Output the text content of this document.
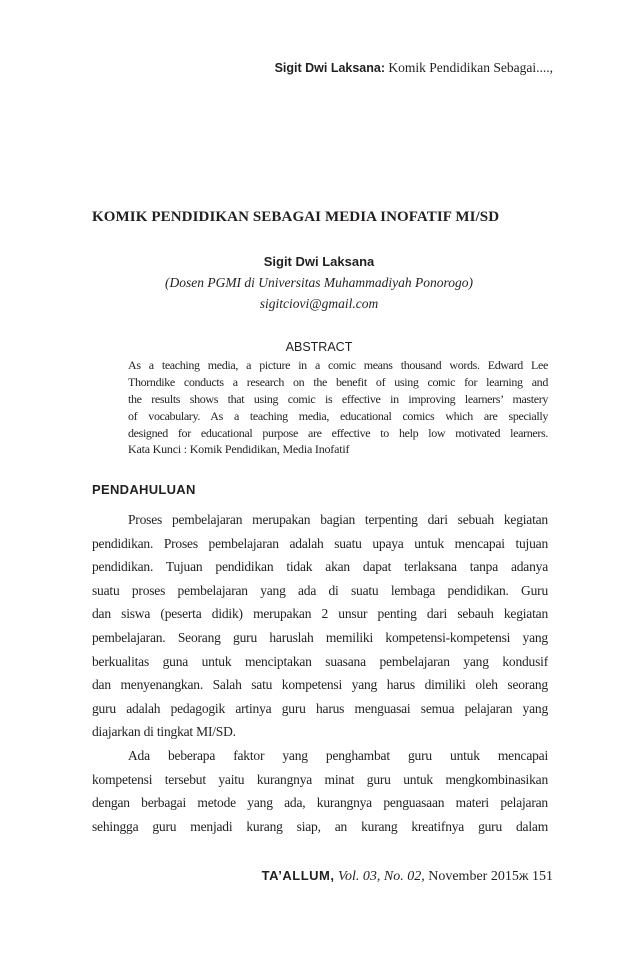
Sigit Dwi Laksana: Komik Pendidikan Sebagai....,
KOMIK PENDIDIKAN SEBAGAI MEDIA INOFATIF MI/SD
Sigit Dwi Laksana
(Dosen PGMI di Universitas Muhammadiyah Ponorogo)
sigitciovi@gmail.com
ABSTRACT
As a teaching media, a picture in a comic means thousand words. Edward Lee
Thorndike conducts a research on the benefit of using comic for learning and
the results shows that using comic is effective in improving learners’ mastery
of vocabulary. As a teaching media, educational comics which are specially
designed for educational purpose are effective to help low motivated learners.
Kata Kunci : Komik Pendidikan, Media Inofatif
PENDAHULUAN
Proses pembelajaran merupakan bagian terpenting dari sebuah kegiatan
pendidikan. Proses pembelajaran adalah suatu upaya untuk mencapai tujuan
pendidikan. Tujuan pendidikan tidak akan dapat terlaksana tanpa adanya
suatu proses pembelajaran yang ada di suatu lembaga pendidikan. Guru
dan siswa (peserta didik) merupakan 2 unsur penting dari sebauh kegiatan
pembelajaran. Seorang guru haruslah memiliki kompetensi-kompetensi yang
berkualitas guna untuk menciptakan suasana pembelajaran yang kondusif
dan menyenangkan. Salah satu kompetensi yang harus dimiliki oleh seorang
guru adalah pedagogik artinya guru harus menguasai semua pelajaran yang
diajarkan di tingkat MI/SD.
Ada beberapa faktor yang penghambat guru untuk mencapai
kompetensi tersebut yaitu kurangnya minat guru untuk mengkombinasikan
dengan berbagai metode yang ada, kurangnya penguasaan materi pelajaran
sehingga guru menjadi kurang siap, an kurang kreatifnya guru dalam
TA’ALLUM, Vol. 03, No. 02, November 2015ж 151
